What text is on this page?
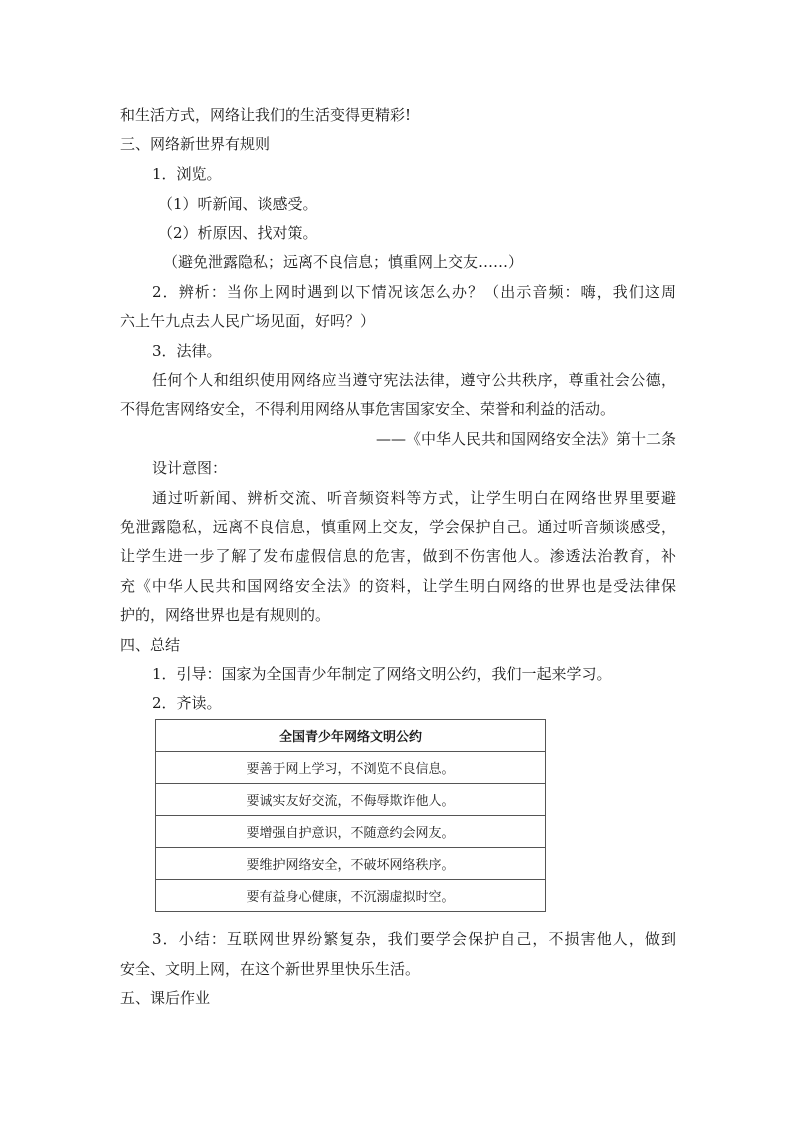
和生活方式，网络让我们的生活变得更精彩!
三、网络新世界有规则
1．浏览。
（1）听新闻、谈感受。
（2）析原因、找对策。
（避免泄露隐私；远离不良信息；慎重网上交友……）
2．辨析：当你上网时遇到以下情况该怎么办？（出示音频：嗨，我们这周
六上午九点去人民广场见面，好吗？）
3．法律。
任何个人和组织使用网络应当遵守宪法法律，遵守公共秩序，尊重社会公德，
不得危害网络安全，不得利用网络从事危害国家安全、荣誉和利益的活动。
——《中华人民共和国网络安全法》第十二条
设计意图：
通过听新闻、辨析交流、听音频资料等方式，让学生明白在网络世界里要避
免泄露隐私，远离不良信息，慎重网上交友，学会保护自己。通过听音频谈感受，
让学生进一步了解了发布虚假信息的危害，做到不伤害他人。渗透法治教育，补
充《中华人民共和国网络安全法》的资料，让学生明白网络的世界也是受法律保
护的，网络世界也是有规则的。
四、总结
1．引导：国家为全国青少年制定了网络文明公约，我们一起来学习。
2．齐读。
全国青少年网络文明公约
要善于网上学习，不浏览不良信息。
要诚实友好交流，不侮辱欺诈他人。
要增强自护意识，不随意约会网友。
要维护网络安全，不破坏网络秩序。
要有益身心健康，不沉溺虚拟时空。
3．小结：互联网世界纷繁复杂，我们要学会保护自己，不损害他人，做到
安全、文明上网，在这个新世界里快乐生活。
五、课后作业
